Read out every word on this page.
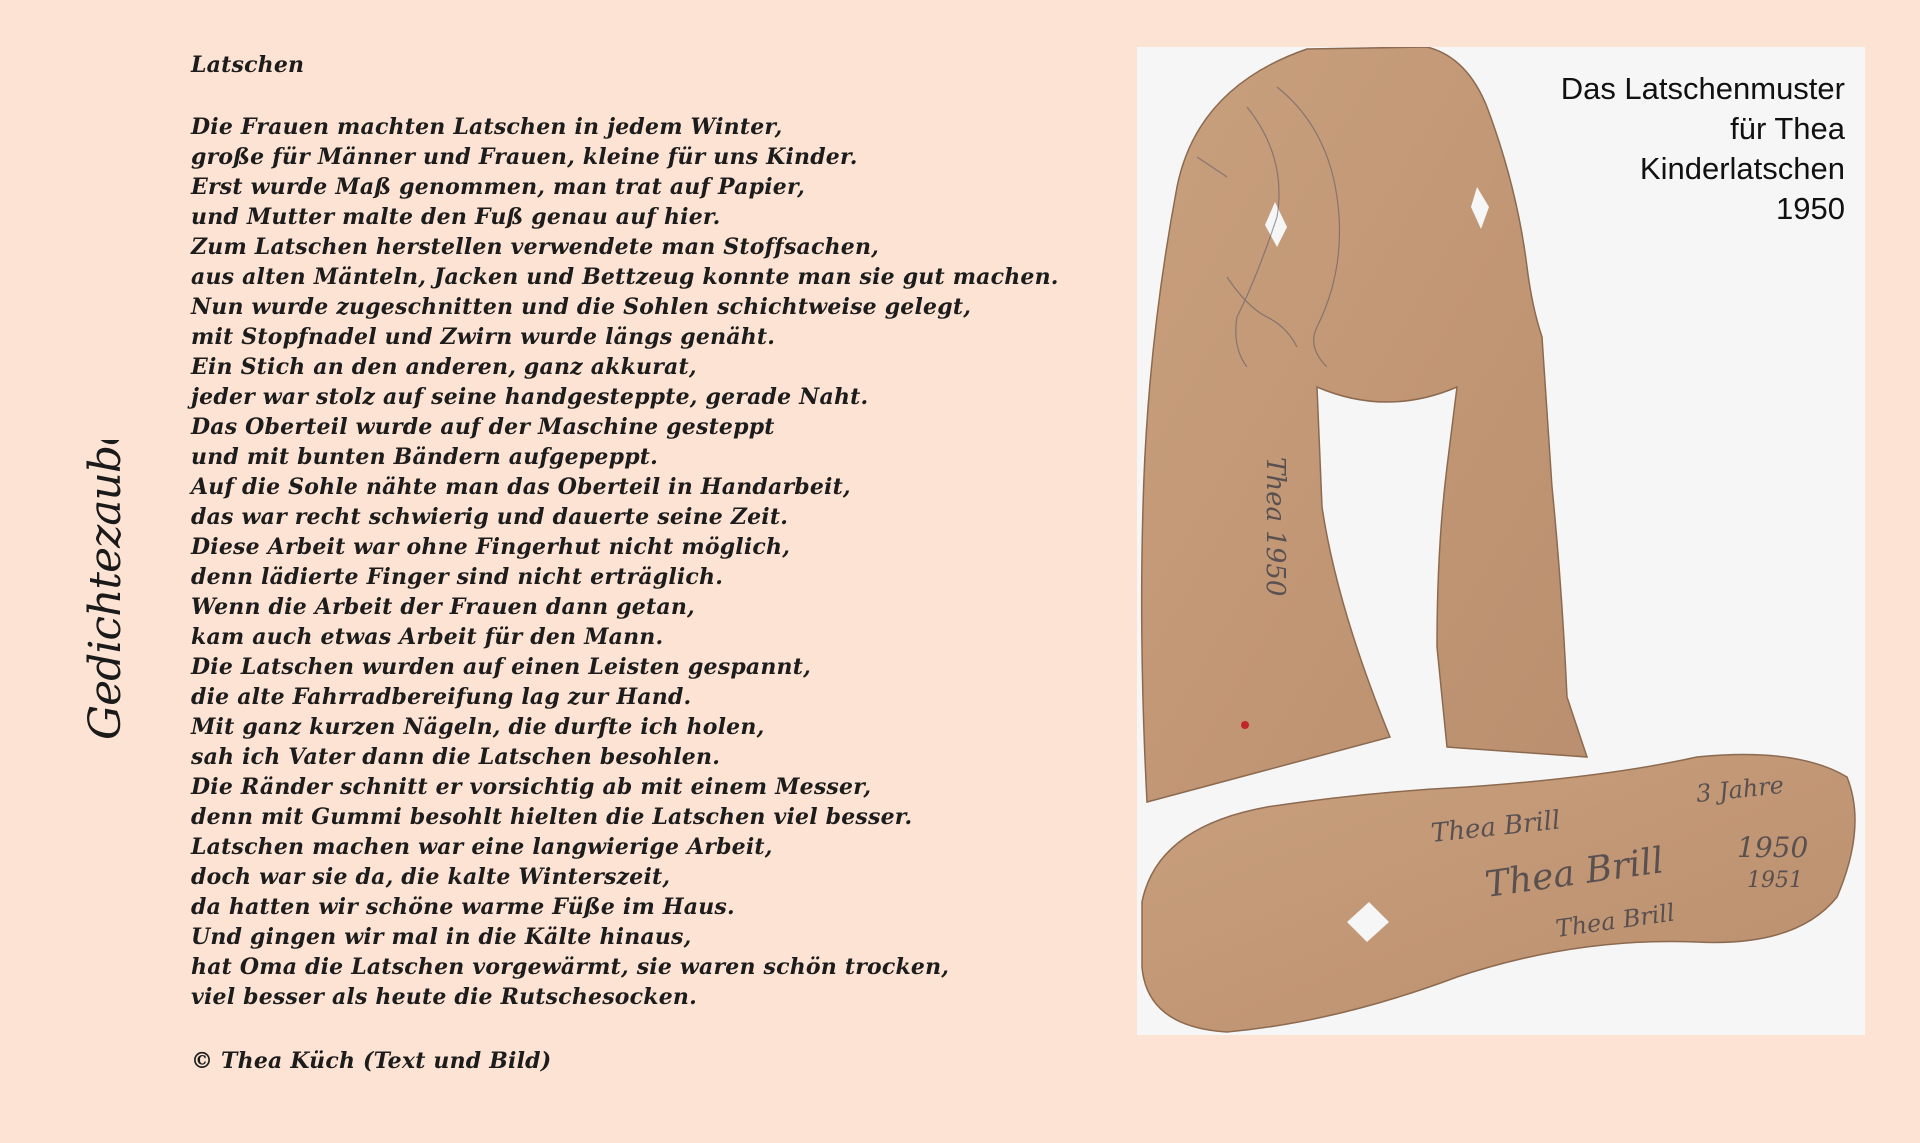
Gedichtezauber
Latschen
Die Frauen machten Latschen in jedem Winter,
große für Männer und Frauen, kleine für uns Kinder.
Erst wurde Maß genommen, man trat auf Papier,
und Mutter malte den Fuß genau auf hier.
Zum Latschen herstellen verwendete man Stoffsachen,
aus alten Mänteln, Jacken und Bettzeug konnte man sie gut machen.
Nun wurde zugeschnitten und die Sohlen schichtweise gelegt,
mit Stopfnadel und Zwirn wurde längs genäht.
Ein Stich an den anderen, ganz akkurat,
jeder war stolz auf seine handgesteppte, gerade Naht.
Das Oberteil wurde auf der Maschine gesteppt
und mit bunten Bändern aufgepeppt.
Auf die Sohle nähte man das Oberteil in Handarbeit,
das war recht schwierig und dauerte seine Zeit.
Diese Arbeit war ohne Fingerhut nicht möglich,
denn lädierte Finger sind nicht erträglich.
Wenn die Arbeit der Frauen dann getan,
kam auch etwas Arbeit für den Mann.
Die Latschen wurden auf einen Leisten gespannt,
die alte Fahrradbereifung lag zur Hand.
Mit ganz kurzen Nägeln, die durfte ich holen,
sah ich Vater dann die Latschen besohlen.
Die Ränder schnitt er vorsichtig ab mit einem Messer,
denn mit Gummi besohlt hielten die Latschen viel besser.
Latschen machen war eine langwierige Arbeit,
doch war sie da, die kalte Winterszeit,
da hatten wir schöne warme Füße im Haus.
Und gingen wir mal in die Kälte hinaus,
hat Oma die Latschen vorgewärmt, sie waren schön trocken,
viel besser als heute die Rutschesocken.
© Thea Küch (Text und Bild)
Thea 1950
Thea Brill
Thea Brill
Thea Brill
1950
1951
3 Jahre
Das Latschenmuster
für Thea
Kinderlatschen
1950
